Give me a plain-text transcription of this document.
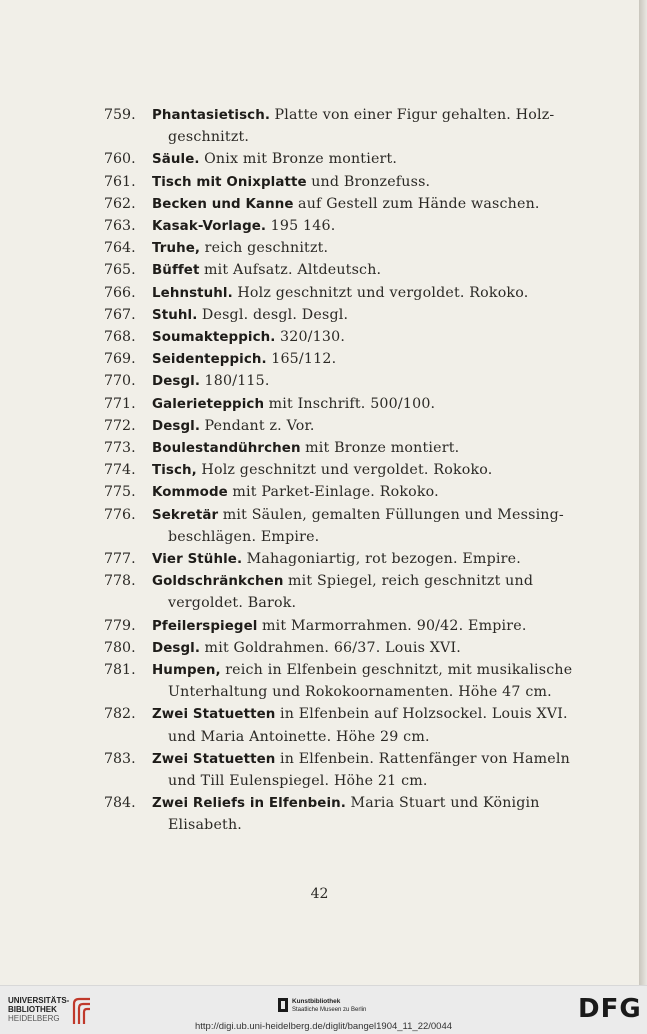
759. Phantasietisch. Platte von einer Figur gehalten. Holz-
geschnitzt.
760. Säule. Onix mit Bronze montiert.
761. Tisch mit Onixplatte und Bronzefuss.
762. Becken und Kanne auf Gestell zum Hände waschen.
763. Kasak-Vorlage. 195 146.
764. Truhe, reich geschnitzt.
765. Büffet mit Aufsatz. Altdeutsch.
766. Lehnstuhl. Holz geschnitzt und vergoldet. Rokoko.
767. Stuhl. Desgl. desgl. Desgl.
768. Soumakteppich. 320/130.
769. Seidenteppich. 165/112.
770. Desgl. 180/115.
771. Galerieteppich mit Inschrift. 500/100.
772. Desgl. Pendant z. Vor.
773. Boulestandührchen mit Bronze montiert.
774. Tisch, Holz geschnitzt und vergoldet. Rokoko.
775. Kommode mit Parket-Einlage. Rokoko.
776. Sekretär mit Säulen, gemalten Füllungen und Messing-
beschlägen. Empire.
777. Vier Stühle. Mahagoniartig, rot bezogen. Empire.
778. Goldschränkchen mit Spiegel, reich geschnitzt und
vergoldet. Barok.
779. Pfeilerspiegel mit Marmorrahmen. 90/42. Empire.
780. Desgl. mit Goldrahmen. 66/37. Louis XVI.
781. Humpen, reich in Elfenbein geschnitzt, mit musikalische
Unterhaltung und Rokokoornamenten. Höhe 47 cm.
782. Zwei Statuetten in Elfenbein auf Holzsockel. Louis XVI.
und Maria Antoinette. Höhe 29 cm.
783. Zwei Statuetten in Elfenbein. Rattenfänger von Hameln
und Till Eulenspiegel. Höhe 21 cm.
784. Zwei Reliefs in Elfenbein. Maria Stuart und Königin
Elisabeth.
42
UNIVERSITÄTS-
BIBLIOTHEK
HEIDELBERG
Kunstbibliothek
Staatliche Museen zu Berlin	DFG
http://digi.ub.uni-heidelberg.de/diglit/bangel1904_11_22/0044
